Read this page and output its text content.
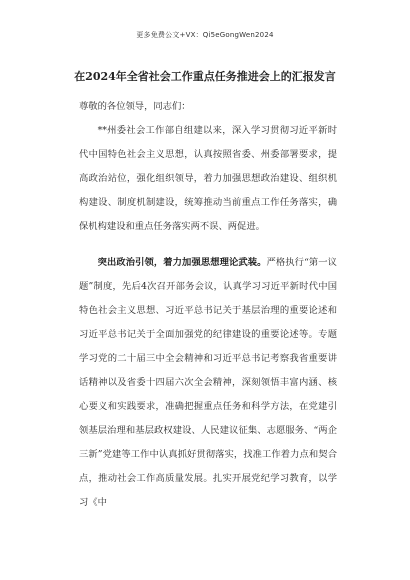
更多免费公文+VX：Qi5eGongWen2024
在2024年全省社会工作重点任务推进会上的汇报发言

尊敬的各位领导，同志们：

**州委社会工作部自组建以来，深入学习贯彻习近平新时代中国特色社会主义思想，认真按照省委、州委部署要求，提高政治站位，强化组织领导，着力加强思想政治建设、组织机构建设、制度机制建设，统筹推动当前重点工作任务落实，确保机构建设和重点任务落实两不误、两促进。

突出政治引领，着力加强思想理论武装。严格执行“第一议题”制度，先后4次召开部务会议，认真学习习近平新时代中国特色社会主义思想、习近平总书记关于基层治理的重要论述和习近平总书记关于全面加强党的纪律建设的重要论述等。专题学习党的二十届三中全会精神和习近平总书记考察我省重要讲话精神以及省委十四届六次全会精神，深刻领悟丰富内涵、核心要义和实践要求，准确把握重点任务和科学方法，在党建引领基层治理和基层政权建设、人民建议征集、志愿服务、“两企三新”党建等工作中认真抓好贯彻落实，找准工作着力点和契合点，推动社会工作高质量发展。扎实开展党纪学习教育，以学习《中
